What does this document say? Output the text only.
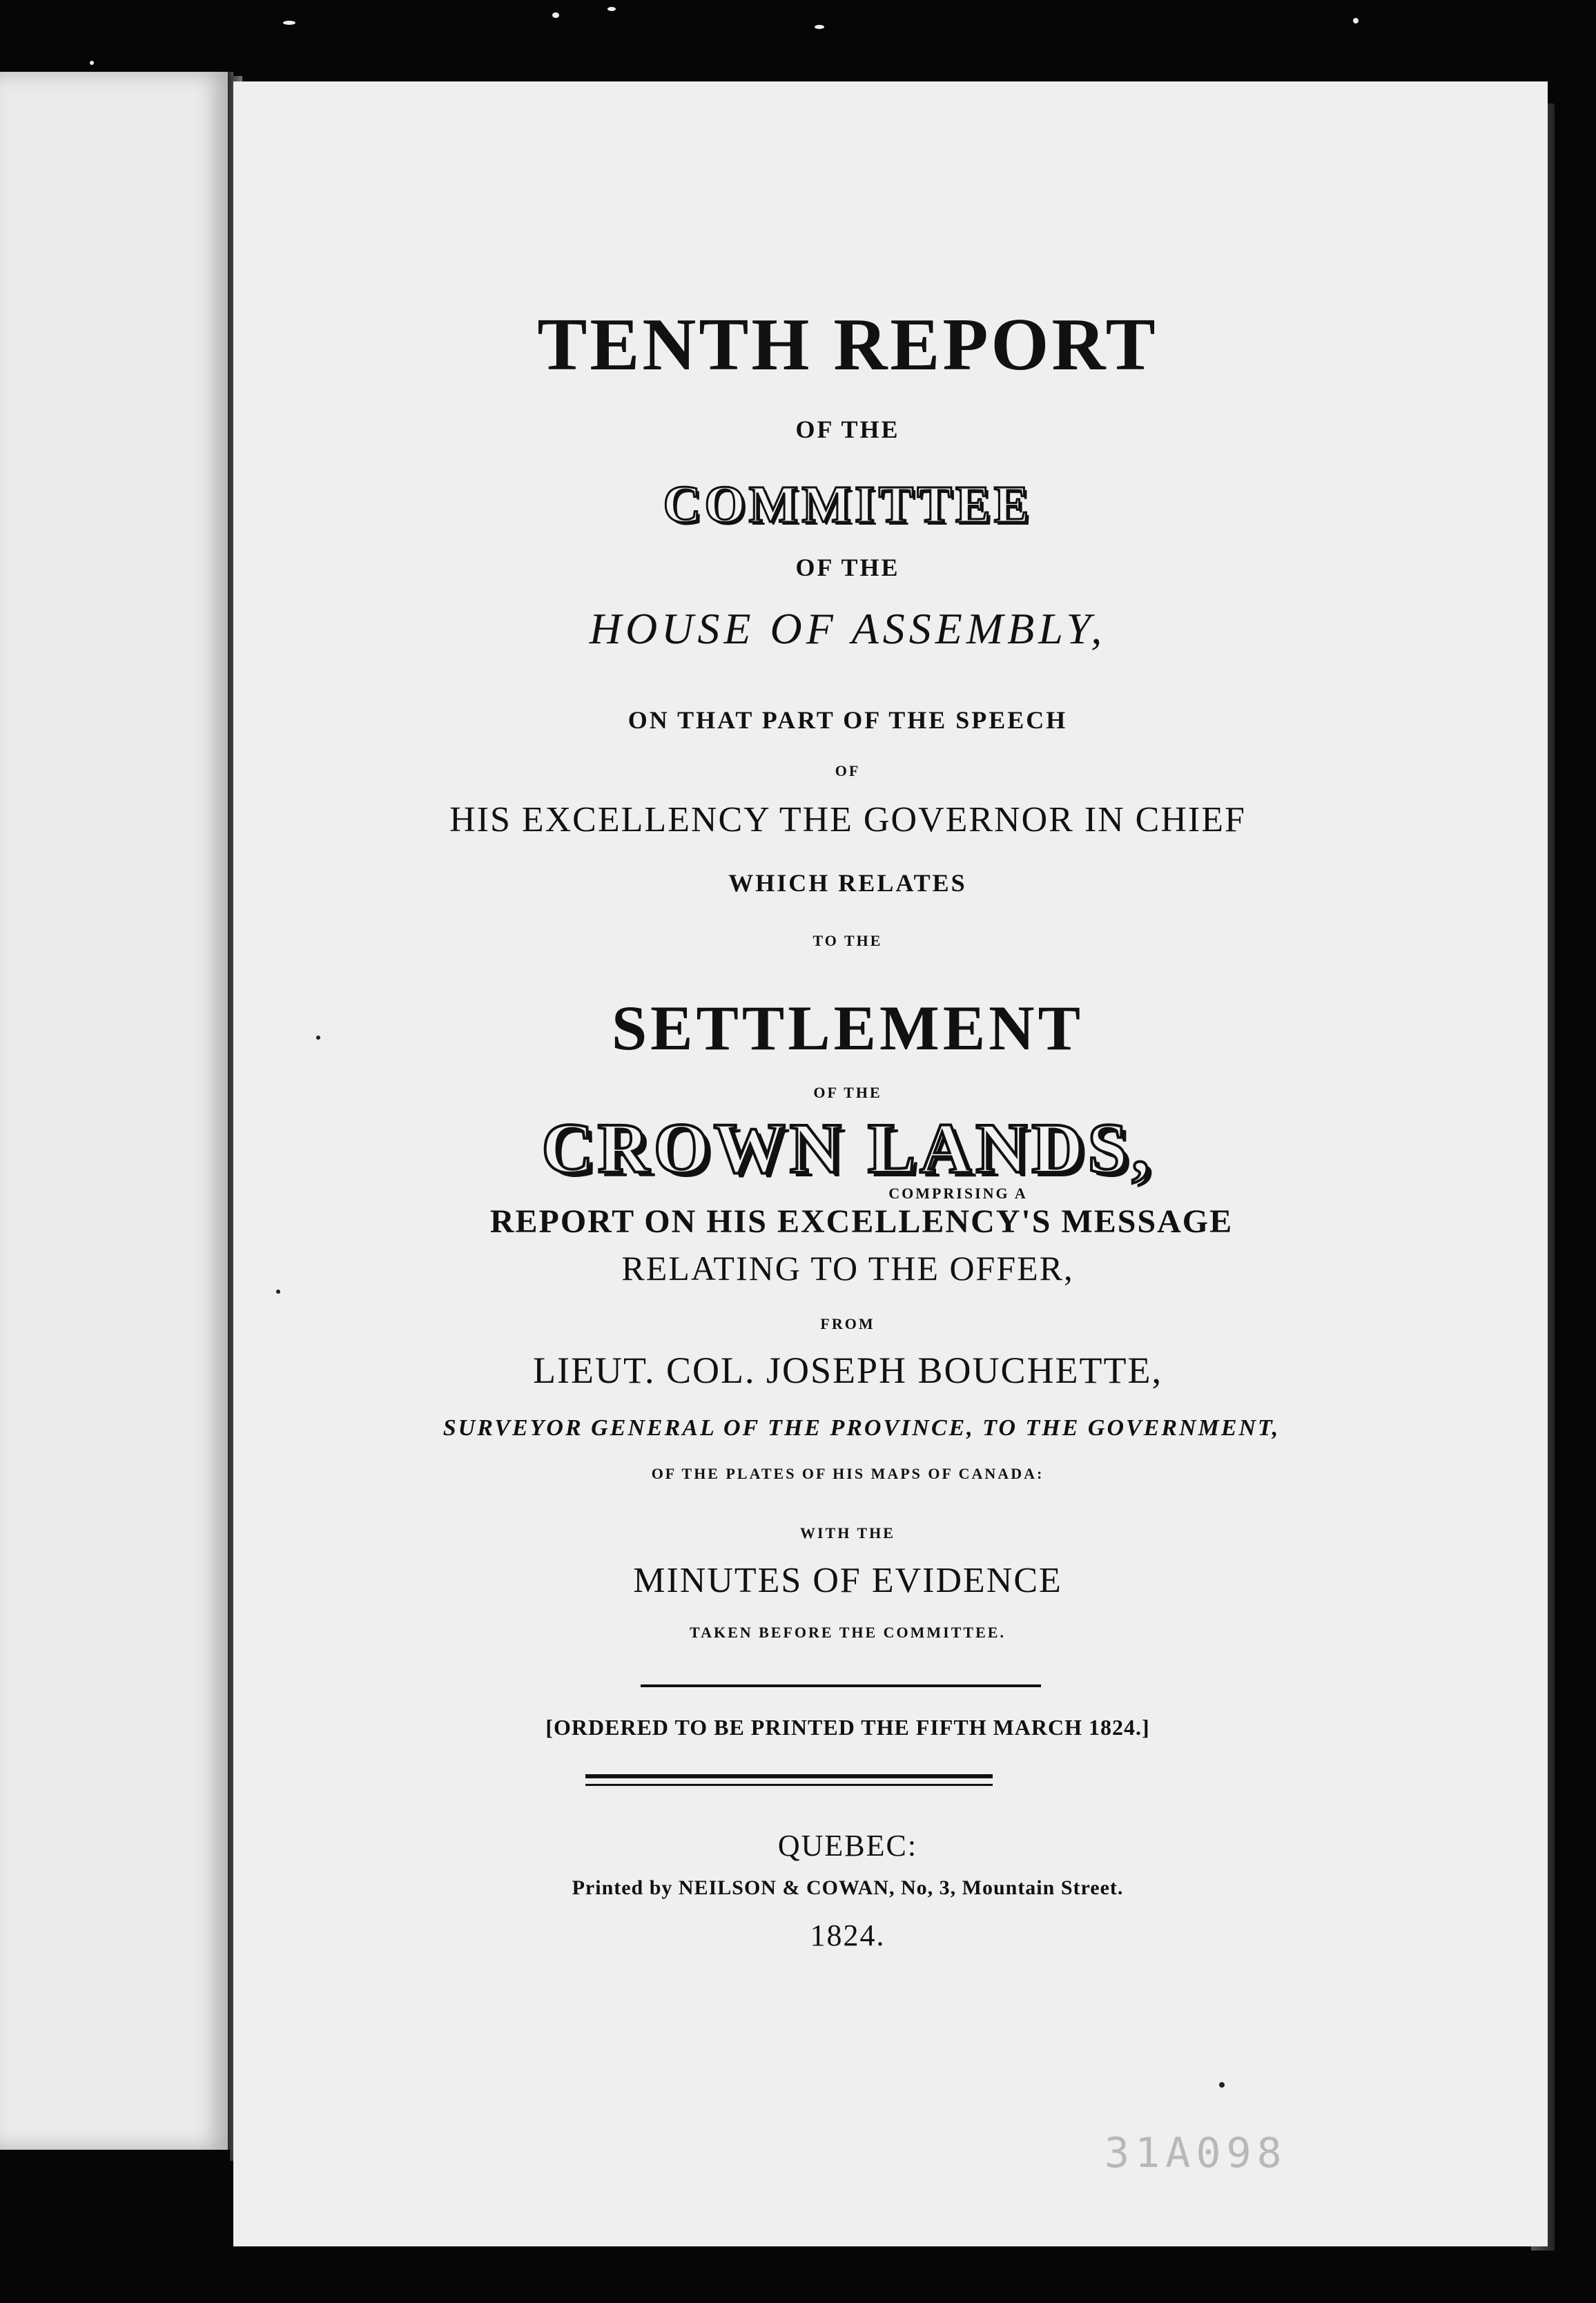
TENTH REPORT
OF THE
COMMITTEE
OF THE
HOUSE OF ASSEMBLY,
ON THAT PART OF THE SPEECH
OF
HIS EXCELLENCY THE GOVERNOR IN CHIEF
WHICH RELATES
TO THE
SETTLEMENT
OF THE
CROWN LANDS,
COMPRISING A
REPORT ON HIS EXCELLENCY'S MESSAGE
RELATING TO THE OFFER,
FROM
LIEUT. COL. JOSEPH BOUCHETTE,
SURVEYOR GENERAL OF THE PROVINCE, TO THE GOVERNMENT,
OF THE PLATES OF HIS MAPS OF CANADA:
WITH THE
MINUTES OF EVIDENCE
TAKEN BEFORE THE COMMITTEE.
[ORDERED TO BE PRINTED THE FIFTH MARCH 1824.]
QUEBEC:
Printed by NEILSON & COWAN, No, 3, Mountain Street.
1824.
31A098
